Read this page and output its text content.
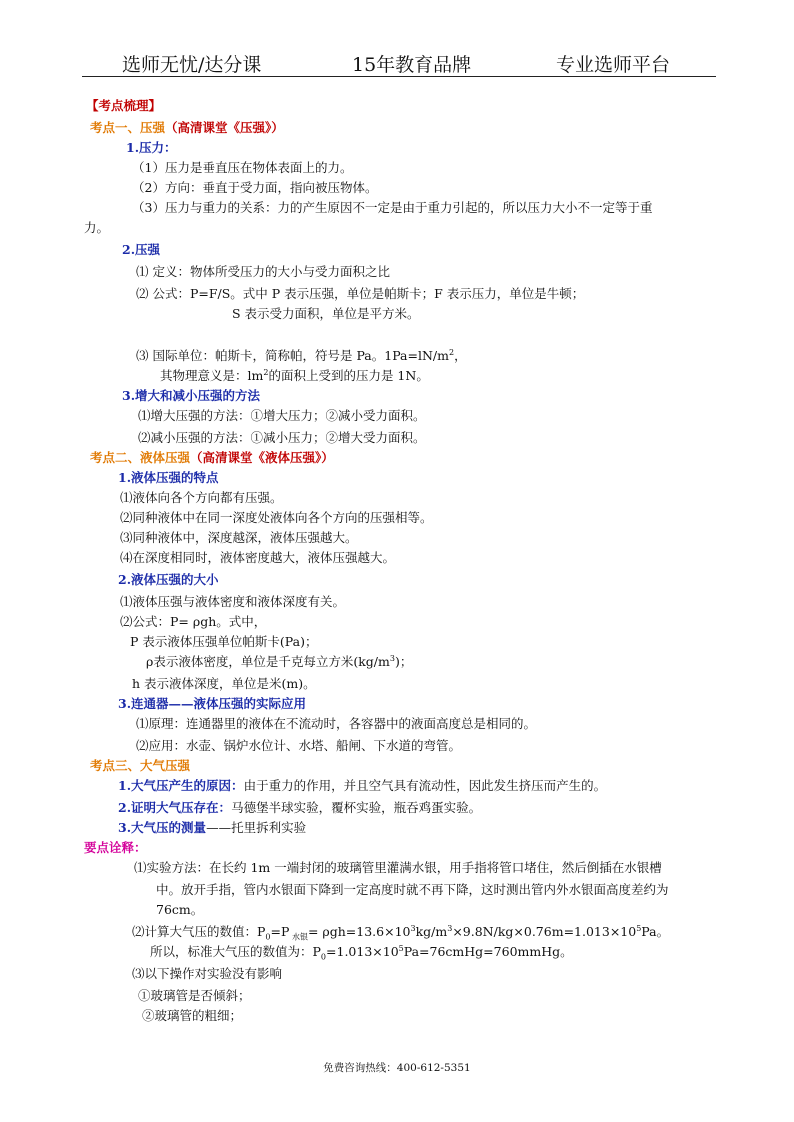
选师无忧/达分课	15年教育品牌	专业选师平台
【考点梳理】
考点一、压强（高清课堂《压强》）
1.压力：
（1）压力是垂直压在物体表面上的力。
（2）方向：垂直于受力面，指向被压物体。
（3）压力与重力的关系：力的产生原因不一定是由于重力引起的，所以压力大小不一定等于重
力。
2.压强
⑴ 定义：物体所受压力的大小与受力面积之比
⑵ 公式：P=F/S。式中 P 表示压强，单位是帕斯卡；F 表示压力，单位是牛顿；
S 表示受力面积，单位是平方米。
⑶ 国际单位：帕斯卡，简称帕，符号是 Pa。$1Pa=lN/m^2$，
其物理意义是：$lm^2$的面积上受到的压力是 1N。
3.增大和减小压强的方法
⑴增大压强的方法：①增大压力；②减小受力面积。
⑵减小压强的方法：①减小压力；②增大受力面积。
考点二、液体压强（高清课堂《液体压强》）
1.液体压强的特点
⑴液体向各个方向都有压强。
⑵同种液体中在同一深度处液体向各个方向的压强相等。
⑶同种液体中，深度越深，液体压强越大。
⑷在深度相同时，液体密度越大，液体压强越大。
2.液体压强的大小
⑴液体压强与液体密度和液体深度有关。
⑵公式：P= ρgh。式中，
P 表示液体压强单位帕斯卡(Pa)；
ρ表示液体密度，单位是千克每立方米$(kg/m^3)$；
h 表示液体深度，单位是米(m)。
3.连通器——液体压强的实际应用
⑴原理：连通器里的液体在不流动时，各容器中的液面高度总是相同的。
⑵应用：水壶、锅炉水位计、水塔、船闸、下水道的弯管。
考点三、大气压强
1.大气压产生的原因：由于重力的作用，并且空气具有流动性，因此发生挤压而产生的。
2.证明大气压存在：马德堡半球实验，覆杯实验，瓶吞鸡蛋实验。
3.大气压的测量——托里拆利实验
要点诠释：
⑴实验方法：在长约 1m 一端封闭的玻璃管里灌满水银，用手指将管口堵住，然后倒插在水银槽
中。放开手指，管内水银面下降到一定高度时就不再下降，这时测出管内外水银面高度差约为
76cm。
⑵计算大气压的数值：$P_0=P$ $_{水银}= \rho gh=13.6\times 10^3kg/m^3\times 9.8N/kg\times 0.76m=1.013\times 10^5Pa$。
所以，标准大气压的数值为：$P_0=1.013\times 10^5Pa=76cmHg=760mmHg$。
⑶以下操作对实验没有影响
①玻璃管是否倾斜；
②玻璃管的粗细；
免费咨询热线：400-612-5351
